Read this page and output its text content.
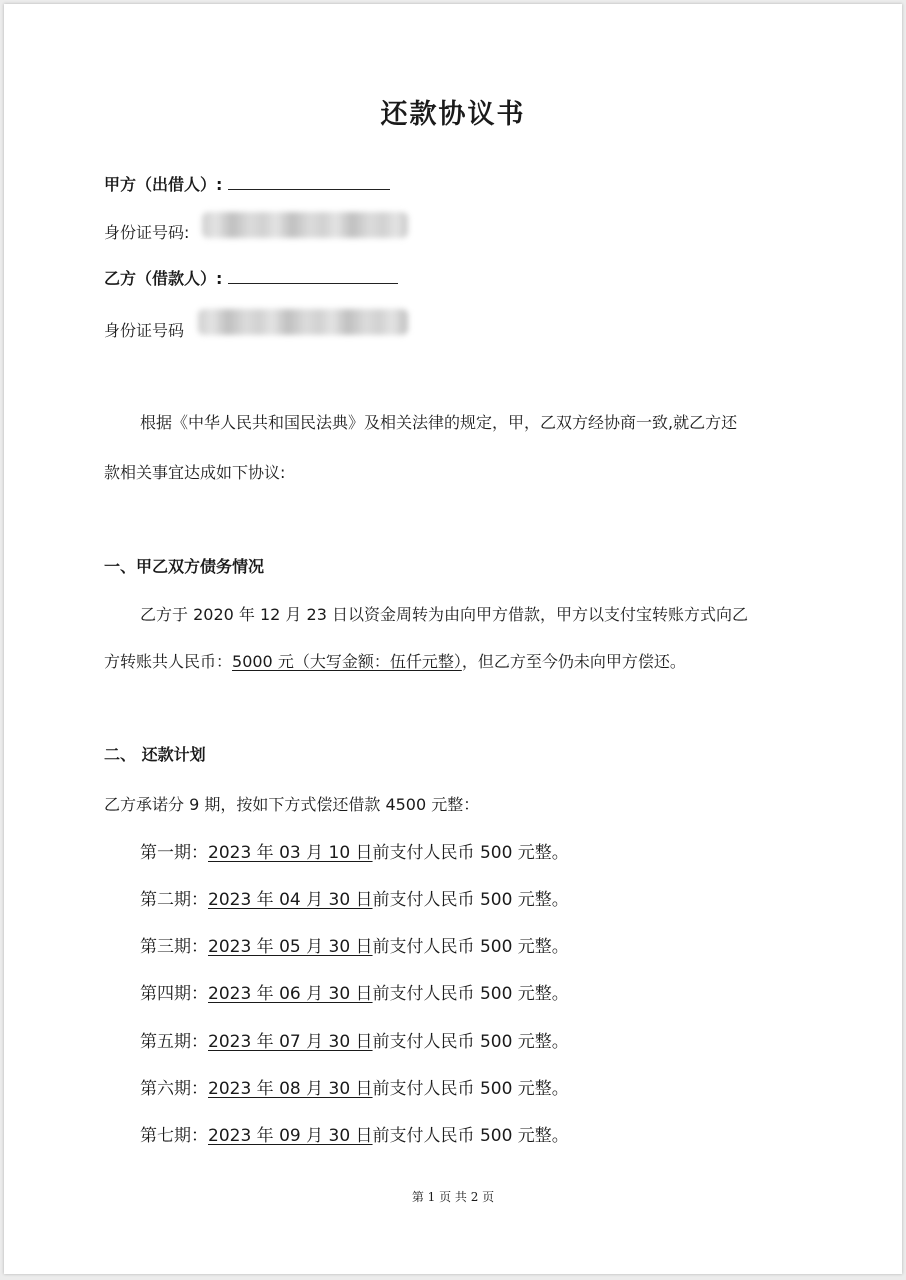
还款协议书
甲方（出借人）:
身份证号码:
乙方（借款人）:
身份证号码
根据《中华人民共和国民法典》及相关法律的规定，甲，乙双方经协商一致,就乙方还
款相关事宜达成如下协议:
一、甲乙双方债务情况
乙方于 2020 年 12 月 23 日以资金周转为由向甲方借款，甲方以支付宝转账方式向乙
方转账共人民币：5000 元（大写金额：伍仟元整），但乙方至今仍未向甲方偿还。
二、 还款计划
乙方承诺分 9 期，按如下方式偿还借款 4500 元整：
第一期：2023 年 03 月 10 日前支付人民币 500 元整。
第二期：2023 年 04 月 30 日前支付人民币 500 元整。
第三期：2023 年 05 月 30 日前支付人民币 500 元整。
第四期：2023 年 06 月 30 日前支付人民币 500 元整。
第五期：2023 年 07 月 30 日前支付人民币 500 元整。
第六期：2023 年 08 月 30 日前支付人民币 500 元整。
第七期：2023 年 09 月 30 日前支付人民币 500 元整。
第 1 页 共 2 页
